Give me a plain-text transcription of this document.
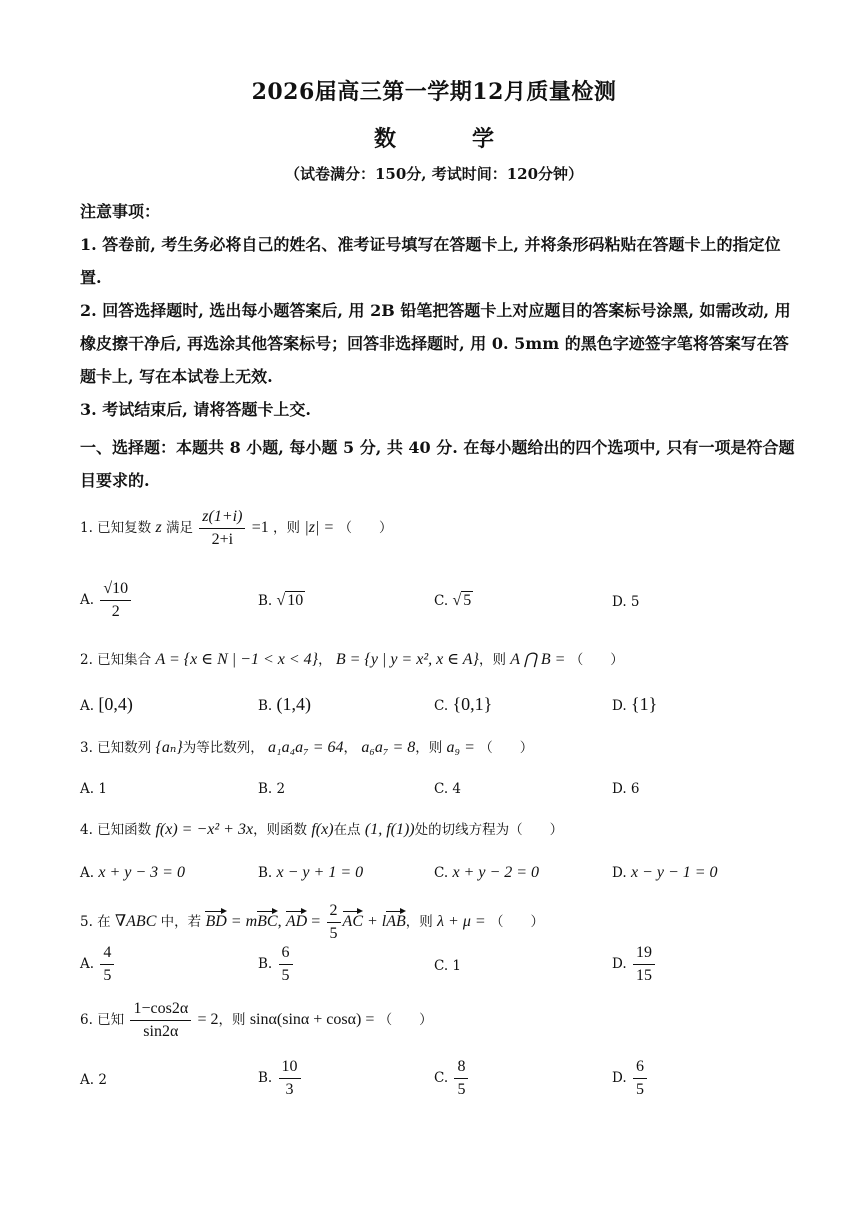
2026届高三第一学期12月质量检测
数	学
（试卷满分：150分, 考试时间：120分钟）
注意事项：
1. 答卷前, 考生务必将自己的姓名、准考证号填写在答题卡上, 并将条形码粘贴在答题卡上的指定位置.
2. 回答选择题时, 选出每小题答案后, 用 2B 铅笔把答题卡上对应题目的答案标号涂黑, 如需改动, 用橡皮擦干净后, 再选涂其他答案标号；回答非选择题时, 用 0. 5mm 的黑色字迹签字笔将答案写在答题卡上, 写在本试卷上无效.
3. 考试结束后, 请将答题卡上交.
一、选择题：本题共 8 小题, 每小题 5 分, 共 40 分. 在每小题给出的四个选项中, 只有一项是符合题目要求的.
1. 已知复数 z 满足 $\frac{z(1+i)}{2+i} =1$ ，则 |z| = （　　）
A. $\frac{√10}{2}$	B. √ 10	C. √ 5	D. 5
2. 已知集合 A = {x ∈ N | −1 < x < 4}， B = {y | y = x², x ∈ A}，则 A ⋂ B = （　　）
A. [0,4)	B. (1,4)	C. {0,1}	D. {1}
3. 已知数列 {aₙ}为等比数列， a₁a₄a₇ = 64， a₆a₇ = 8，则 a₉ = （　　）
A. 1	B. 2	C. 4	D. 6
4. 已知函数 f(x) = −x² + 3x，则函数 f(x)在点 (1, f(1))处的切线方程为（　　）
A. x + y − 3 = 0	B. x − y + 1 = 0	C. x + y − 2 = 0	D. x − y − 1 = 0
5. 在 ∇ABC 中，若 BD = mBC, AD = $\frac{2}{5}$ AC + lAB，则 λ + μ = （　　）
A. $\frac{4}{5}$	B. $\frac{6}{5}$	C. 1	D. $\frac{19}{15}$
6. 已知 $\frac{1-\cos 2\alpha}{\sin 2\alpha} = 2$，则 sinα(sinα + cosα) = （　　）
A. 2	B. $\frac{10}{3}$	C. $\frac{8}{5}$	D. $\frac{6}{5}$
